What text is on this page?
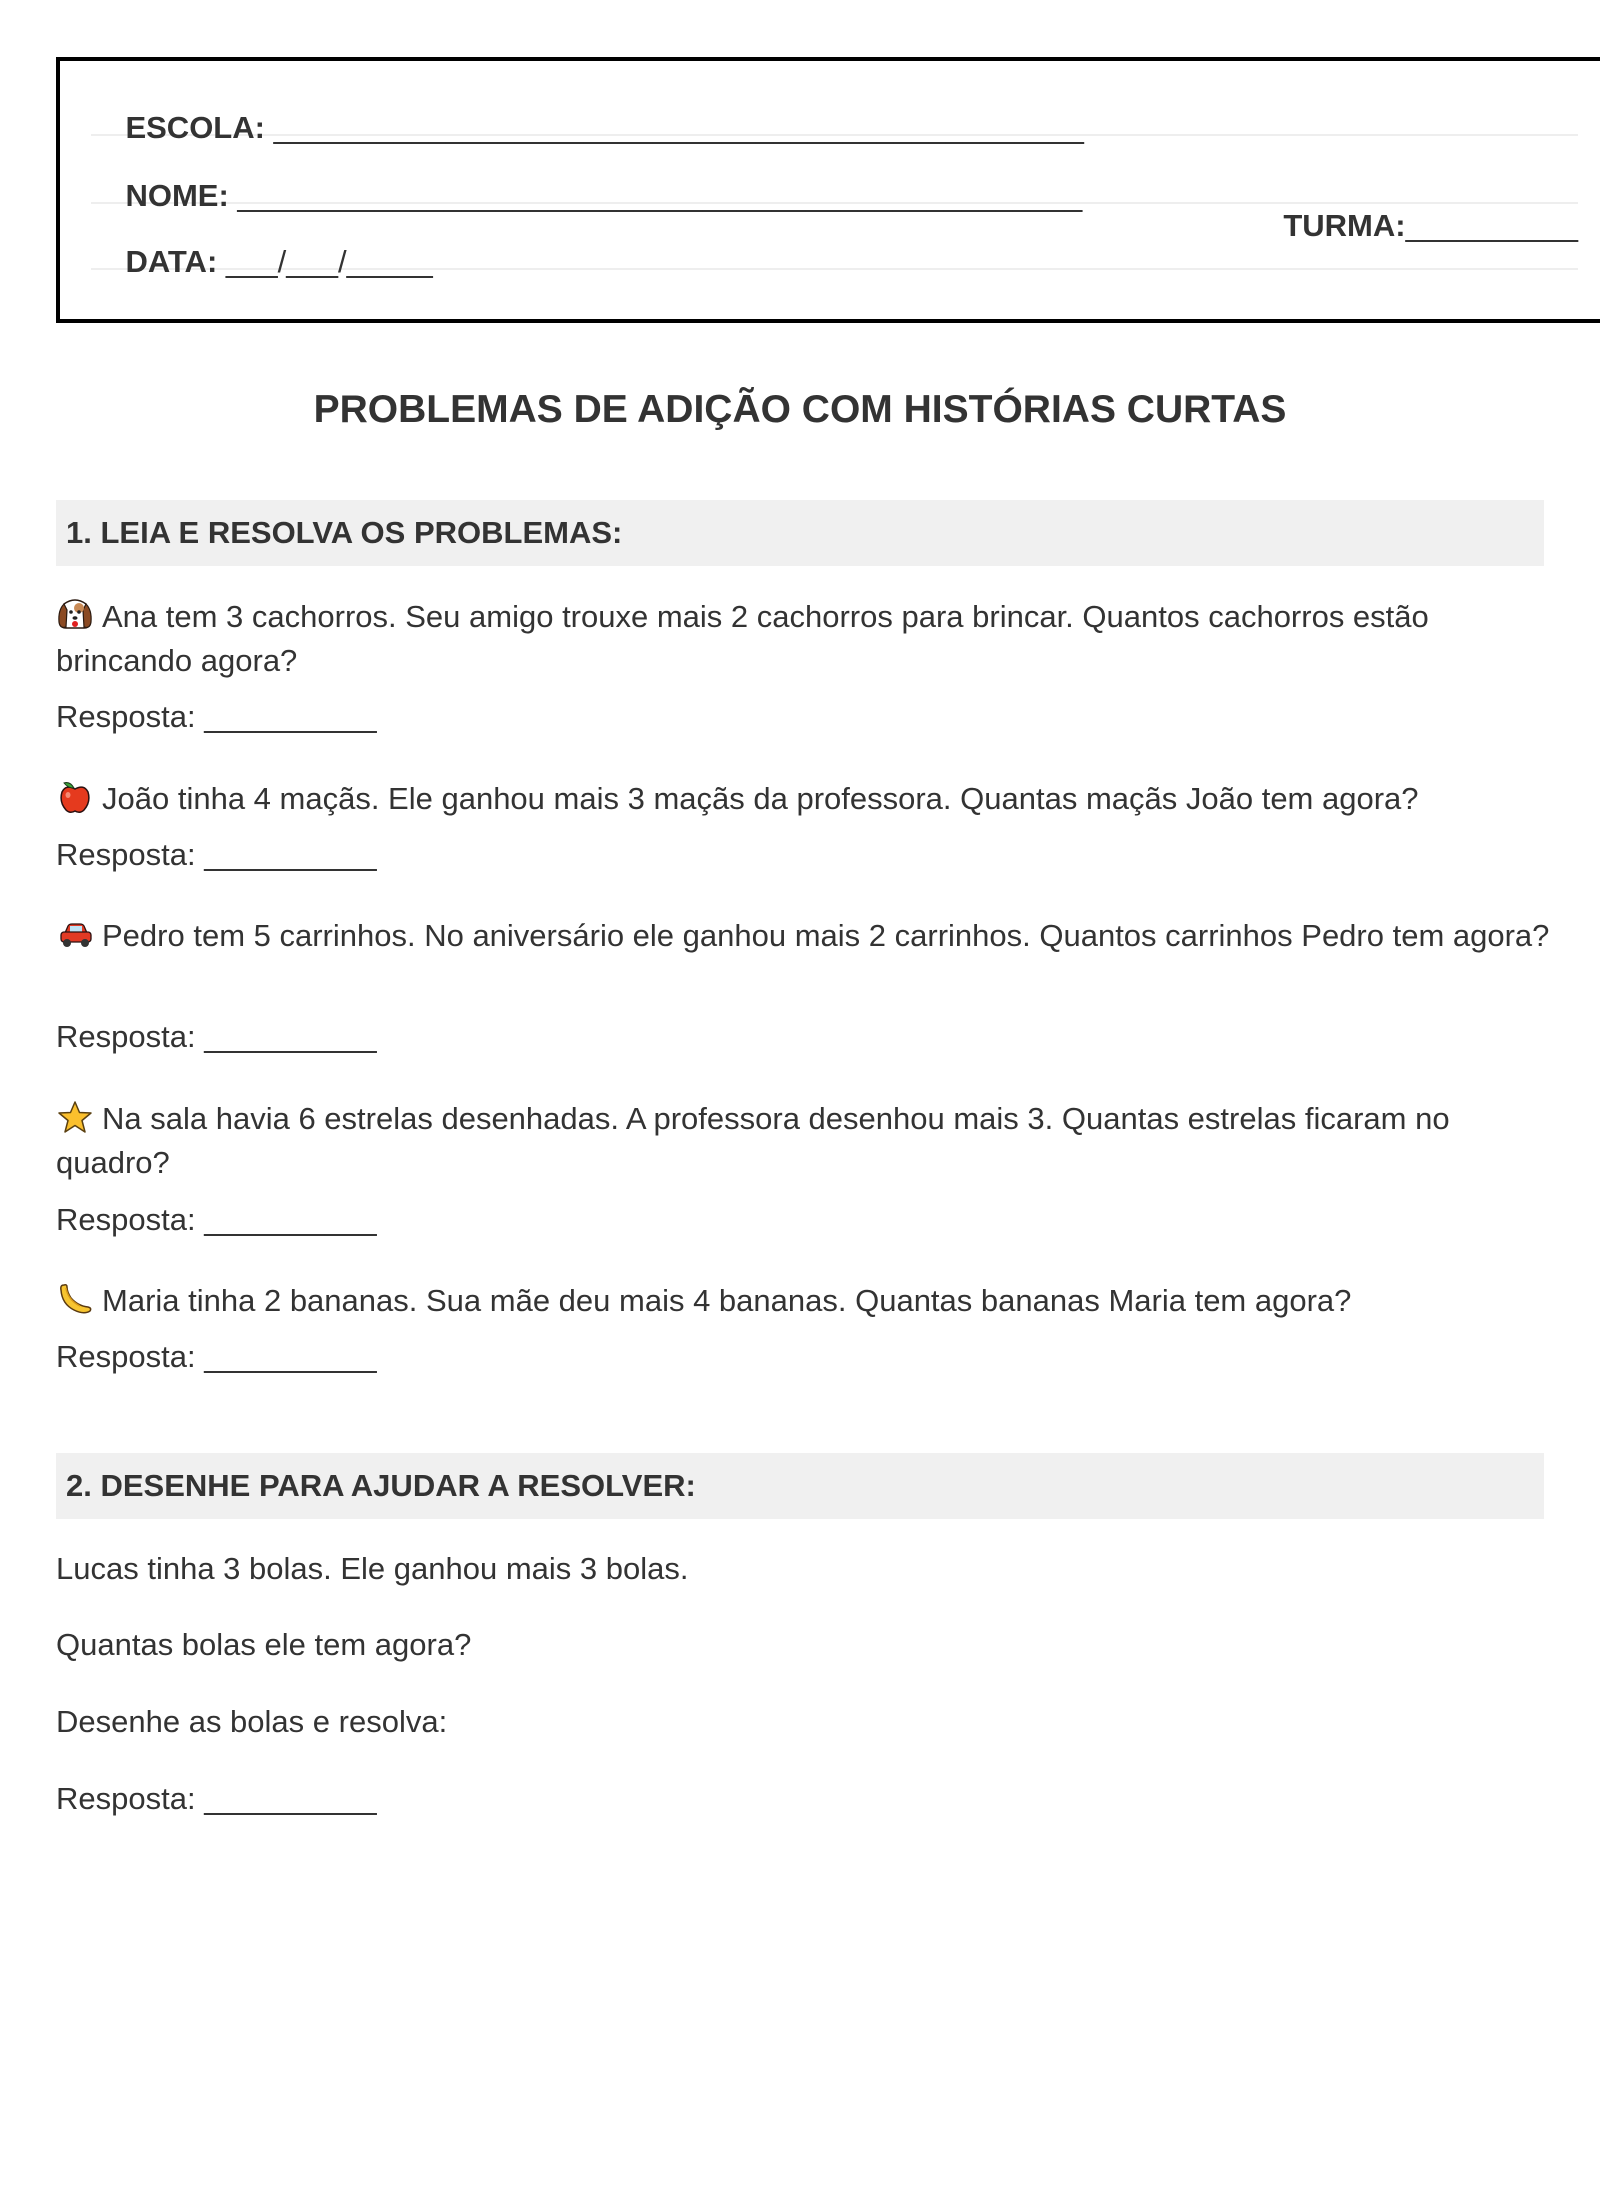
ESCOLA: _______________________________________________

NOME: _________________________________________________

DATA: ___/___/_____

TURMA:__________

PROBLEMAS DE ADIÇÃO COM HISTÓRIAS CURTAS
1. LEIA E RESOLVA OS PROBLEMAS:
Ana tem 3 cachorros. Seu amigo trouxe mais 2 cachorros para brincar. Quantos cachorros estão brincando agora?
Resposta: __________
João tinha 4 maçãs. Ele ganhou mais 3 maçãs da professora. Quantas maçãs João tem agora?
Resposta: __________
Pedro tem 5 carrinhos. No aniversário ele ganhou mais 2 carrinhos. Quantos carrinhos Pedro tem agora?
Resposta: __________
Na sala havia 6 estrelas desenhadas. A professora desenhou mais 3. Quantas estrelas ficaram no quadro?
Resposta: __________
Maria tinha 2 bananas. Sua mãe deu mais 4 bananas. Quantas bananas Maria tem agora?
Resposta: __________
2. DESENHE PARA AJUDAR A RESOLVER:
Lucas tinha 3 bolas. Ele ganhou mais 3 bolas.
Quantas bolas ele tem agora?
Desenhe as bolas e resolva:
Resposta: __________
